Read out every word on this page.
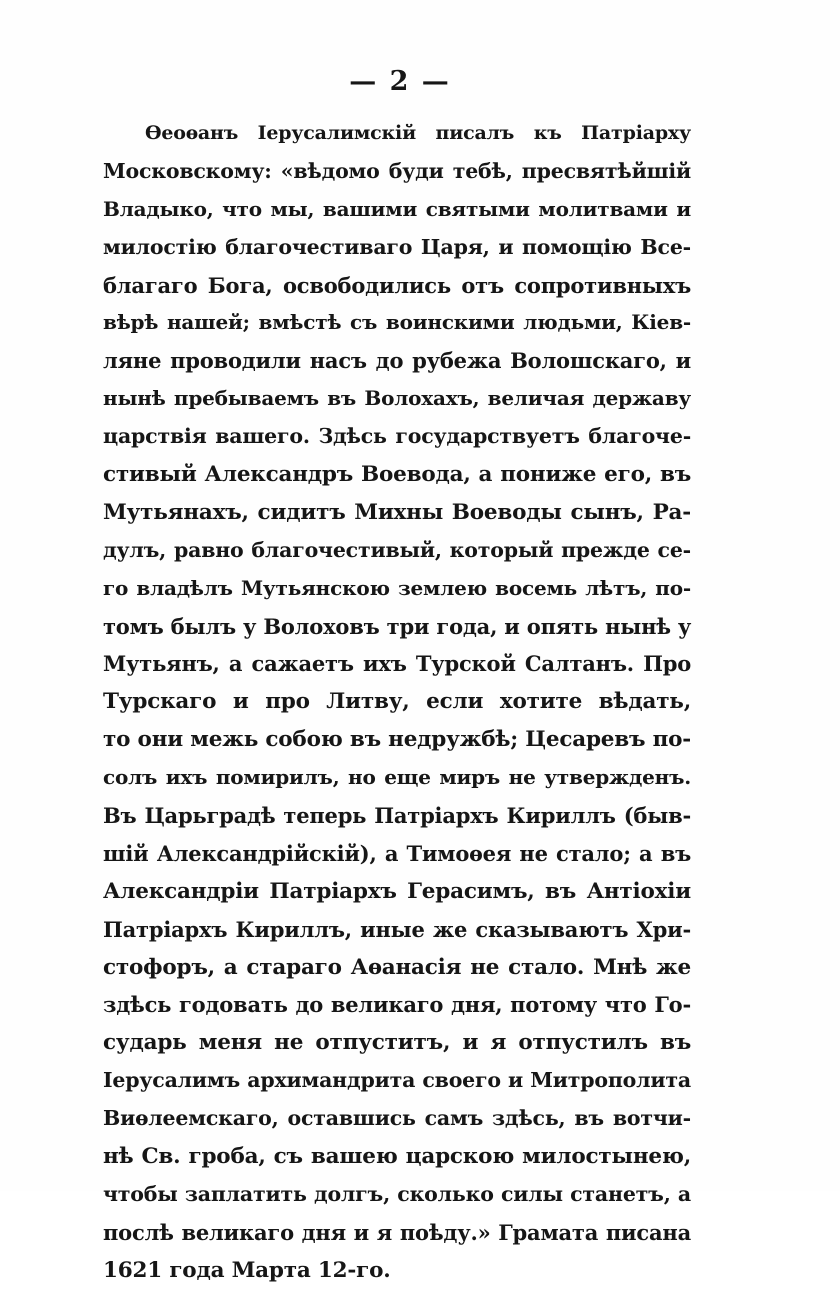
— 2 —
Ѳеоѳанъ Іерусалимскій писалъ къ Патріарху
Московскому: «вѣдомо буди тебѣ, пресвятѣйшій
Владыко, что мы, вашими святыми молитвами и
милостію благочестиваго Царя, и помощію Все-
благаго Бога, освободились отъ сопротивныхъ
вѣрѣ нашей; вмѣстѣ съ воинскими людьми, Кіев-
ляне проводили насъ до рубежа Волошскаго, и
нынѣ пребываемъ въ Волохахъ, величая державу
царствія вашего. Здѣсь государствуетъ благоче-
стивый Александръ Воевода, а пониже его, въ
Мутьянахъ, сидитъ Михны Воеводы сынъ, Ра-
дулъ, равно благочестивый, который прежде се-
го владѣлъ Мутьянскою землею восемь лѣтъ, по-
томъ былъ у Волоховъ три года, и опять нынѣ у
Мутьянъ, а сажаетъ ихъ Турской Салтанъ. Про
Турскаго и про Литву, если хотите вѣдать,
то они межь собою въ недружбѣ; Цесаревъ по-
солъ ихъ помирилъ, но еще миръ не утвержденъ.
Въ Царьградѣ теперь Патріархъ Кириллъ (быв-
шій Александрійскій), а Тимоѳея не стало; а въ
Александріи Патріархъ Герасимъ, въ Антіохіи
Патріархъ Кириллъ, иные же сказываютъ Хри-
стофоръ, а стараго Аѳанасія не стало. Мнѣ же
здѣсь годовать до великаго дня, потому что Го-
сударь меня не отпуститъ, и я отпустилъ въ
Іерусалимъ архимандрита своего и Митрополита
Виѳлеемскаго, оставшись самъ здѣсь, въ вотчи-
нѣ Св. гроба, съ вашею царскою милостынею,
чтобы заплатить долгъ, сколько силы станетъ, а
послѣ великаго дня и я поѣду.» Грамата писана
1621 года Марта 12-го.
